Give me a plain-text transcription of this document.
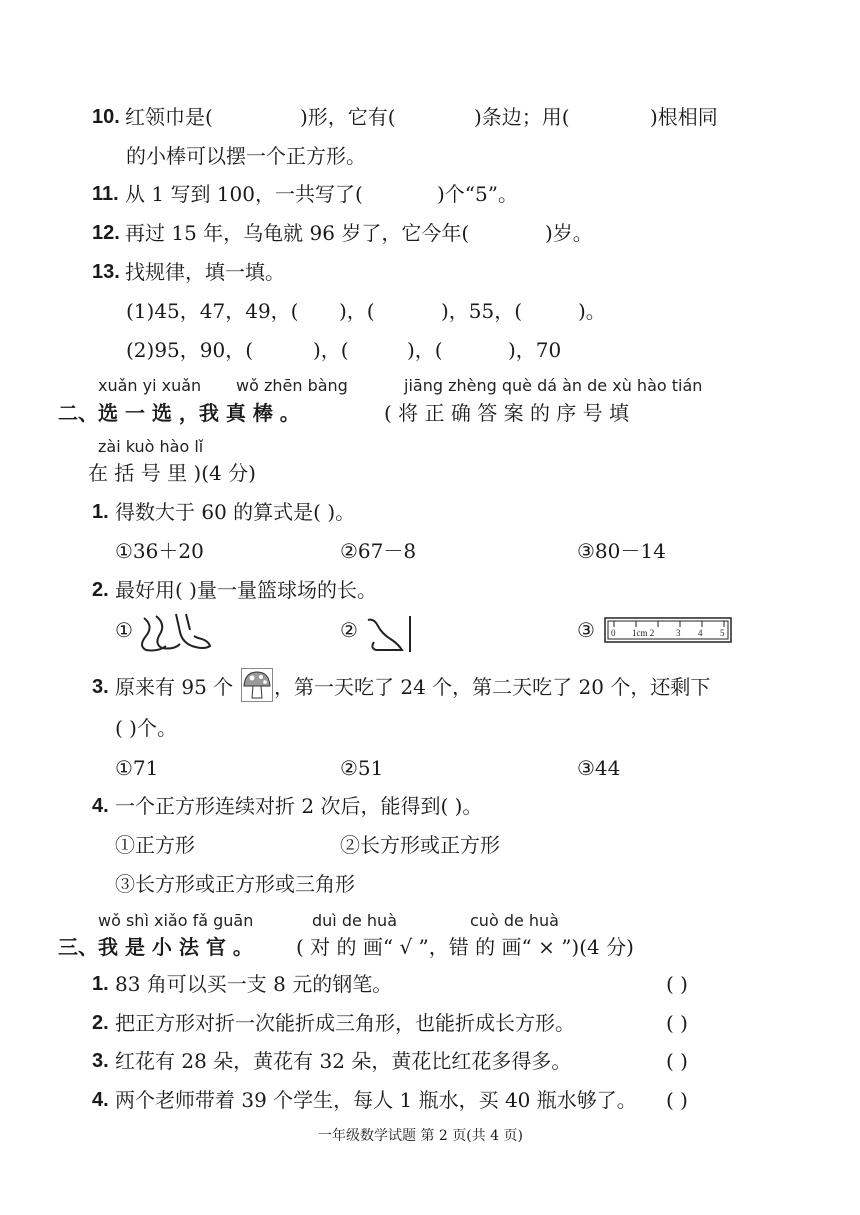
10. 红领巾是(	)形，它有(	)条边；用(	)根相同
的小棒可以摆一个正方形。
11. 从 1 写到 100，一共写了(	)个“5”。
12. 再过 15 年，乌龟就 96 岁了，它今年(	)岁。
13. 找规律，填一填。
(1)45，47，49，( )，(	)，55，(	)。
(2)95，90，(	)，(	)，(	)，70
xuǎn yi xuǎn wǒ zhēn bàng	jiāng zhèng què dá àn de xù hào tián
二、选 一 选 ，我 真 棒 。	( 将 正 确 答 案 的 序 号 填
zài kuò hào lǐ
在 括 号 里 )(4 分)
1. 得数大于 60 的算式是( )。
①36＋20	②67－8	③80－14
2. 最好用( )量一量篮球场的长。
①	②	③ 0 1cm 2 3 4 5
3. 原来有 95 个 ，第一天吃了 24 个，第二天吃了 20 个，还剩下
( )个。
①71	②51	③44
4. 一个正方形连续对折 2 次后，能得到( )。
①正方形	②长方形或正方形
③长方形或正方形或三角形
wǒ shì xiǎo fǎ guān	duì de huà	cuò de huà
三、我 是 小 法 官 。 ( 对 的 画“ √ ”，错 的 画“ × ”)(4 分)
1. 83 角可以买一支 8 元的钢笔。	( )
2. 把正方形对折一次能折成三角形，也能折成长方形。	( )
3. 红花有 28 朵，黄花有 32 朵，黄花比红花多得多。	( )
4. 两个老师带着 39 个学生，每人 1 瓶水，买 40 瓶水够了。 ( )
一年级数学试题 第 2 页(共 4 页)
